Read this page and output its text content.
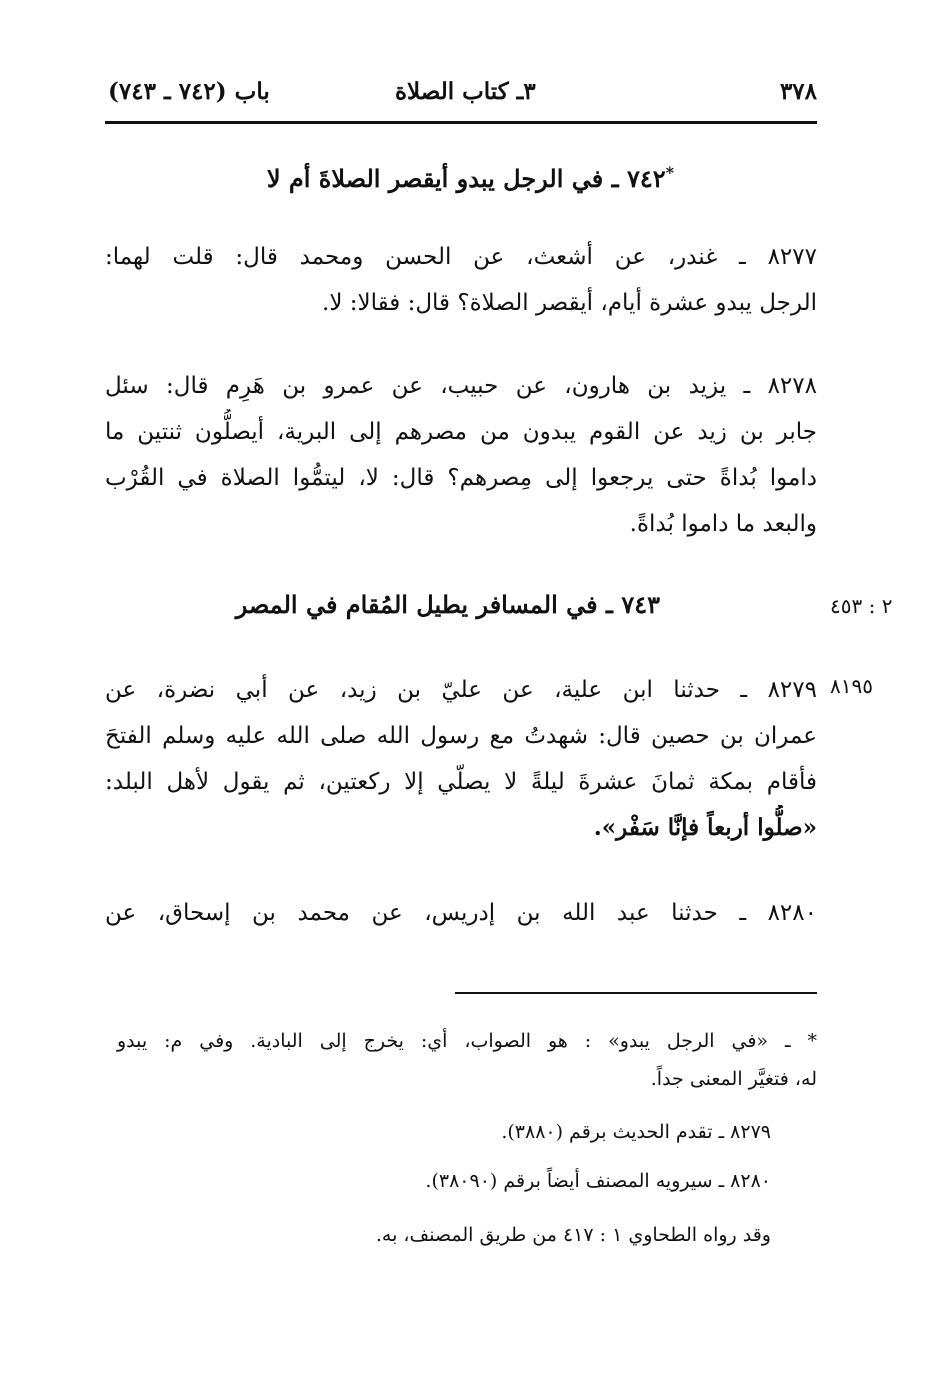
٣٧٨
٣ـ كتاب الصلاة
باب (٧٤٢ ـ ٧٤٣)
*٧٤٢ ـ في الرجل يبدو أيقصر الصلاةَ أم لا
٨٢٧٧ ـ غندر، عن أشعث، عن الحسن ومحمد قال: قلت لهما:
الرجل يبدو عشرة أيام، أيقصر الصلاة؟ قال: فقالا: لا.
٨٢٧٨ ـ يزيد بن هارون، عن حبيب، عن عمرو بن هَرِم قال: سئل
جابر بن زيد عن القوم يبدون من مصرهم إلى البرية، أيصلُّون ثنتين ما
داموا بُداةً حتى يرجعوا إلى مِصرهم؟ قال: لا، ليتمُّوا الصلاة في القُرْب
والبعد ما داموا بُداةً.
٧٤٣ ـ في المسافر يطيل المُقام في المصر	٢ : ٤٥٣
٨١٩٥
٨٢٧٩ ـ حدثنا ابن علية، عن عليّ بن زيد، عن أبي نضرة، عن
عمران بن حصين قال: شهدتُ مع رسول الله صلى الله عليه وسلم الفتحَ
فأقام بمكة ثمانَ عشرةَ ليلةً لا يصلّي إلا ركعتين، ثم يقول لأهل البلد:
«صلُّوا أربعاً فإنَّا سَفْر».
٨٢٨٠ ـ حدثنا عبد الله بن إدريس، عن محمد بن إسحاق، عن
* ـ «في الرجل يبدو» : هو الصواب، أي: يخرج إلى البادية. وفي م: يبدو
له، فتغيَّر المعنى جداً.
٨٢٧٩ ـ تقدم الحديث برقم (٣٨٨٠).
٨٢٨٠ ـ سيرويه المصنف أيضاً برقم (٣٨٠٩٠).
وقد رواه الطحاوي ١ : ٤١٧ من طريق المصنف، به.
